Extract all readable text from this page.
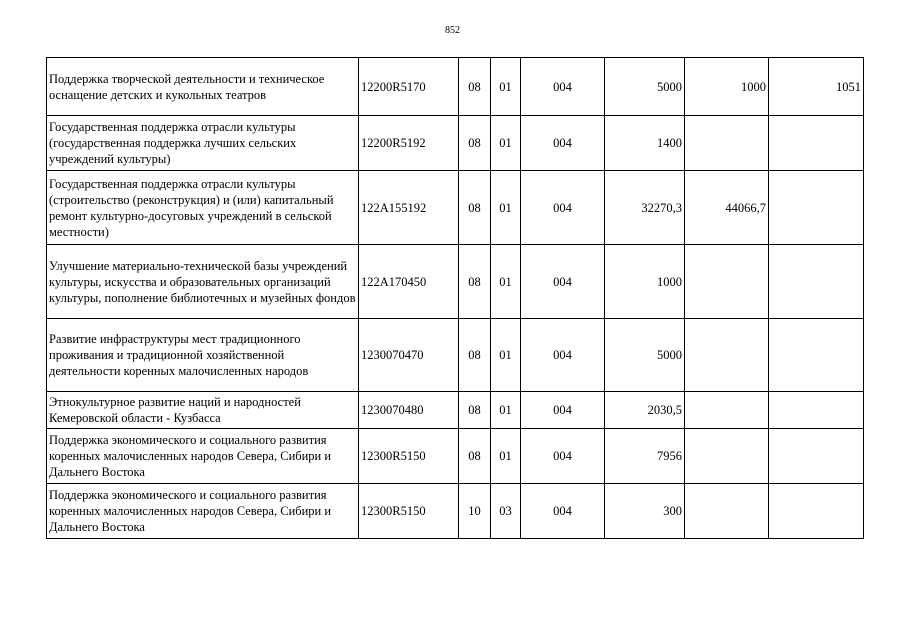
852
Поддержка творческой деятельности и техническое оснащение детских и кукольных театров	12200R5170	08	01	004	5000	1000	1051
Государственная поддержка отрасли культуры (государственная поддержка лучших сельских учреждений культуры)	12200R5192	08	01	004	1400		
Государственная поддержка отрасли культуры (строительство (реконструкция) и (или) капитальный ремонт культурно-досуговых учреждений в сельской местности)	122A155192	08	01	004	32270,3	44066,7	
Улучшение материально-технической базы учреждений культуры, искусства и образовательных организаций культуры, пополнение библиотечных и музейных фондов	122A170450	08	01	004	1000		
Развитие инфраструктуры мест традиционного проживания и традиционной хозяйственной деятельности коренных малочисленных народов	1230070470	08	01	004	5000		
Этнокультурное развитие наций и народностей Кемеровской области - Кузбасса	1230070480	08	01	004	2030,5		
Поддержка экономического и социального развития коренных малочисленных народов Севера, Сибири и Дальнего Востока	12300R5150	08	01	004	7956		
Поддержка экономического и социального развития коренных малочисленных народов Севера, Сибири и Дальнего Востока	12300R5150	10	03	004	300		
